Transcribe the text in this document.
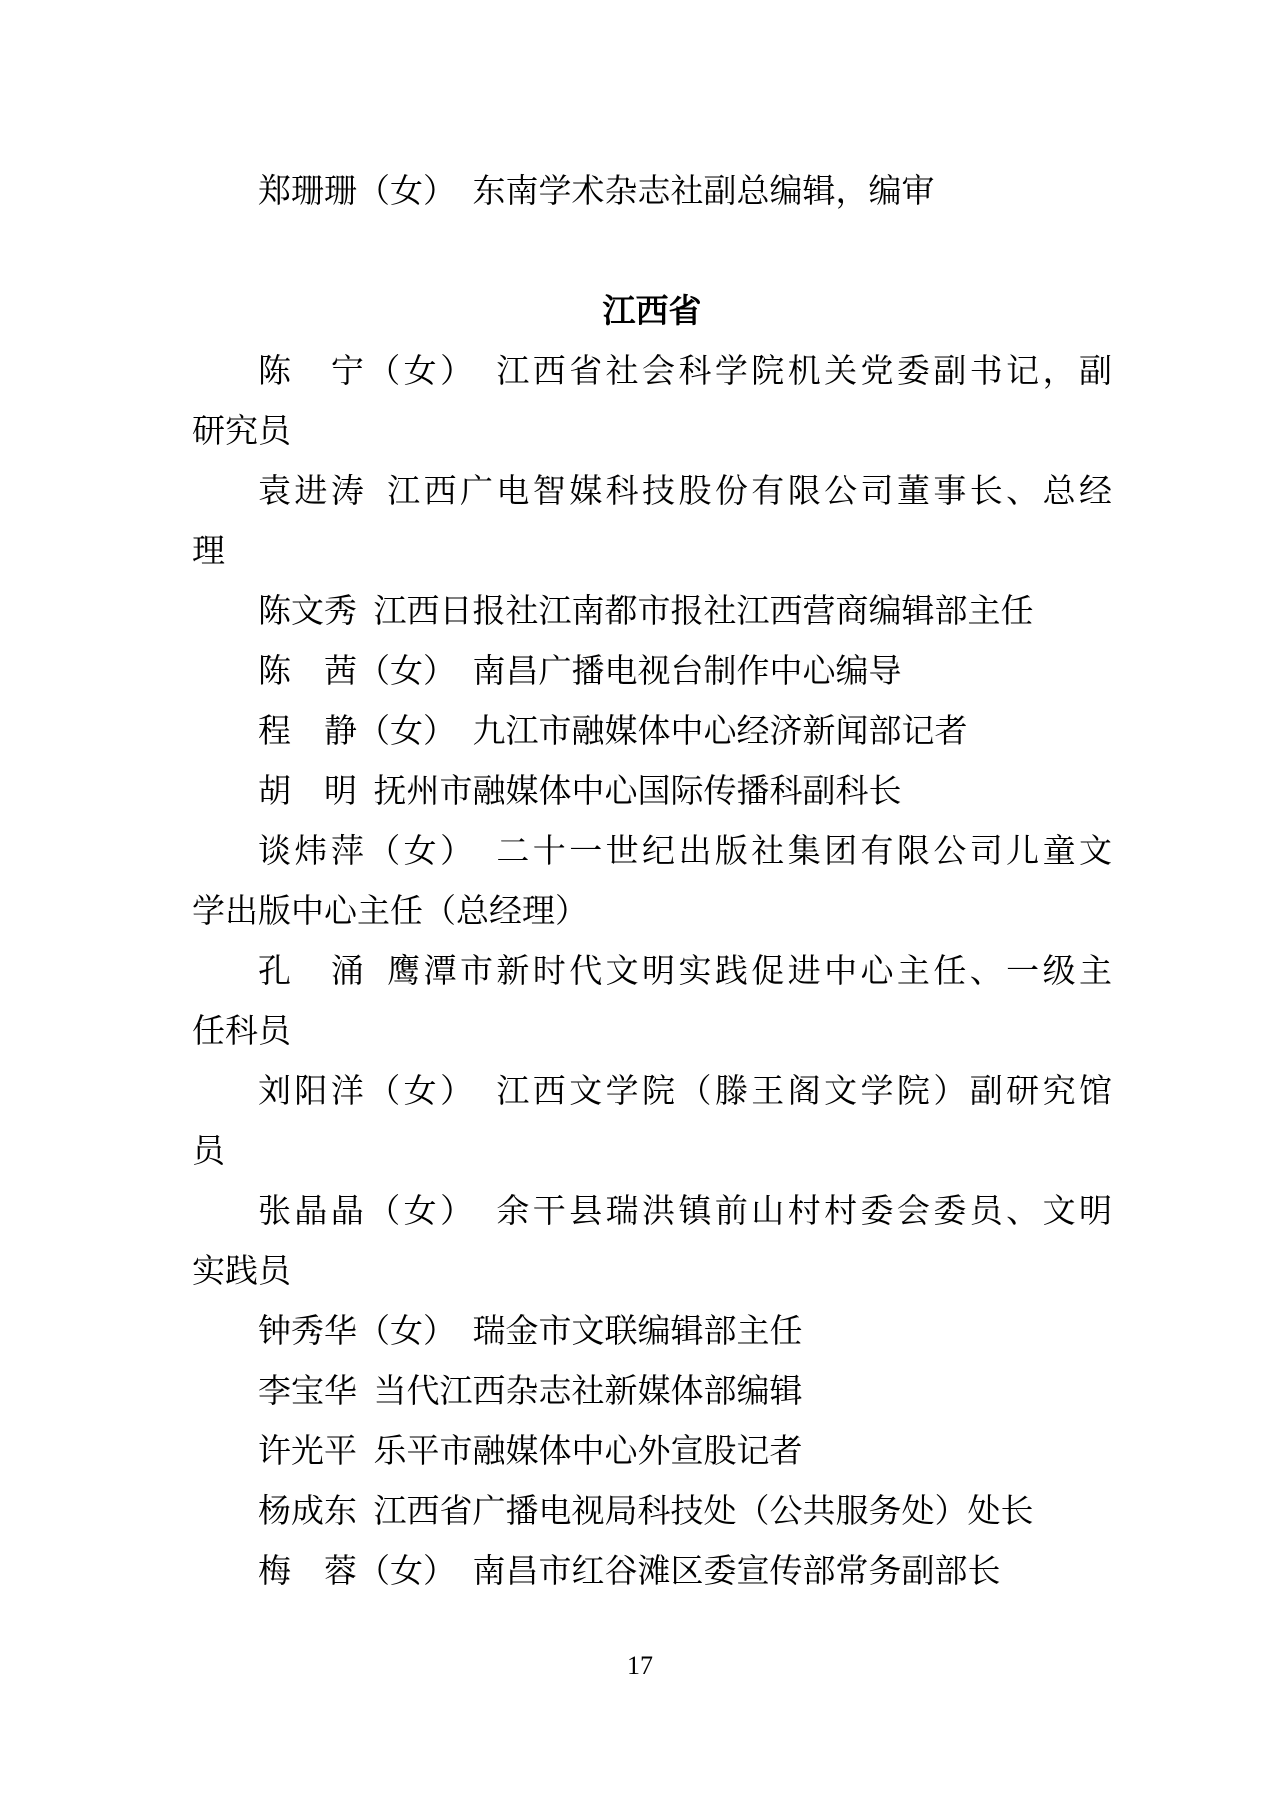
郑珊珊（女）　东南学术杂志社副总编辑，编审
江西省
陈　宁（女）　江西省社会科学院机关党委副书记，副
研究员
袁进涛 江西广电智媒科技股份有限公司董事长、总经
理
陈文秀 江西日报社江南都市报社江西营商编辑部主任
陈　茜（女）　南昌广播电视台制作中心编导
程　静（女）　九江市融媒体中心经济新闻部记者
胡　明 抚州市融媒体中心国际传播科副科长
谈炜萍（女）　二十一世纪出版社集团有限公司儿童文
学出版中心主任（总经理）
孔　涌 鹰潭市新时代文明实践促进中心主任、一级主
任科员
刘阳洋（女）　江西文学院（滕王阁文学院）副研究馆
员
张晶晶（女）　余干县瑞洪镇前山村村委会委员、文明
实践员
钟秀华（女）　瑞金市文联编辑部主任
李宝华 当代江西杂志社新媒体部编辑
许光平 乐平市融媒体中心外宣股记者
杨成东 江西省广播电视局科技处（公共服务处）处长
梅　蓉（女）　南昌市红谷滩区委宣传部常务副部长
17
